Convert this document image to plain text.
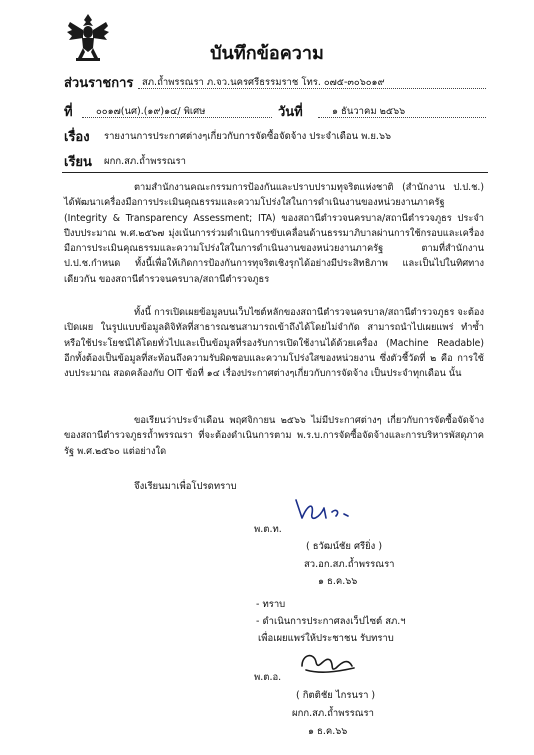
บันทึกข้อความ
ส่วนราชการ สภ.ถ้ำพรรณรา ภ.จว.นครศรีธรรมราช โทร. ๐๗๕-๓๐๖๐๑๙
ที่ ๐๐๑๗(นศ).(๑๙)๑๔/ พิเศษ	วันที่	๑ ธันวาคม ๒๕๖๖
เรื่อง รายงานการประกาศต่างๆเกี่ยวกับการจัดซื้อจัดจ้าง ประจำเดือน พ.ย.๖๖
เรียน ผกก.สภ.ถ้ำพรรณรา
ตามสำนักงานคณะกรรมการป้องกันและปราบปรามทุจริตแห่งชาติ (สำนักงาน ป.ป.ช.) ได้พัฒนาเครื่องมือการประเมินคุณธรรมและความโปร่งใสในการดำเนินงานของหน่วยงานภาครัฐ (Integrity & Transparency Assessment; ITA) ของสถานีตำรวจนครบาล/สถานีตำรวจภูธร ประจำปีงบประมาณ พ.ศ.๒๕๖๗ มุ่งเน้นการร่วมดำเนินการขับเคลื่อนด้านธรรมาภิบาลผ่านการใช้กรอบและเครื่องมือการประเมินคุณธรรมและความโปร่งใสในการดำเนินงานของหน่วยงานภาครัฐ ตามที่สำนักงาน ป.ป.ช.กำหนด ทั้งนี้เพื่อให้เกิดการป้องกันการทุจริตเชิงรุกได้อย่างมีประสิทธิภาพ และเป็นไปในทิศทางเดียวกัน ของสถานีตำรวจนครบาล/สถานีตำรวจภูธร
ทั้งนี้ การเปิดเผยข้อมูลบนเว็บไซต์หลักของสถานีตำรวจนครบาล/สถานีตำรวจภูธร จะต้องเปิดเผย ในรูปแบบข้อมูลดิจิทัลที่สาธารณชนสามารถเข้าถึงได้โดยไม่จำกัด สามารถนำไปเผยแพร่ ทำซ้ำ หรือใช้ประโยชน์ได้โดยทั่วไปและเป็นข้อมูลที่รองรับการเปิดใช้งานได้ด้วยเครื่อง (Machine Readable) อีกทั้งต้องเป็นข้อมูลที่สะท้อนถึงความรับผิดชอบและความโปร่งใสของหน่วยงาน ซึ่งตัวชี้วัดที่ ๒ คือ การใช้งบประมาณ สอดคล้องกับ OIT ข้อที่ ๑๔ เรื่องประกาศต่างๆเกี่ยวกับการจัดจ้าง เป็นประจำทุกเดือน นั้น
ขอเรียนว่าประจำเดือน พฤศจิกายน ๒๕๖๖ ไม่มีประกาศต่างๆ เกี่ยวกับการจัดซื้อจัดจ้าง ของสถานีตำรวจภูธรถ้ำพรรณรา ที่จะต้องดำเนินการตาม พ.ร.บ.การจัดซื้อจัดจ้างและการบริหารพัสดุภาครัฐ พ.ศ.๒๕๖๐ แต่อย่างใด
จึงเรียนมาเพื่อโปรดทราบ
พ.ต.ท.
( ธวัฒน์ชัย ศรียิ่ง )
สว.อก.สภ.ถ้ำพรรณรา
๑ ธ.ค.๖๖
- ทราบ
- ดำเนินการประกาศลงเว็ปไซต์ สภ.ฯ
เพื่อเผยแพร่ให้ประชาชน รับทราบ
พ.ต.อ.
( กิตติชัย ไกรนรา )
ผกก.สภ.ถ้ำพรรณรา
๑ ธ.ค.๖๖
